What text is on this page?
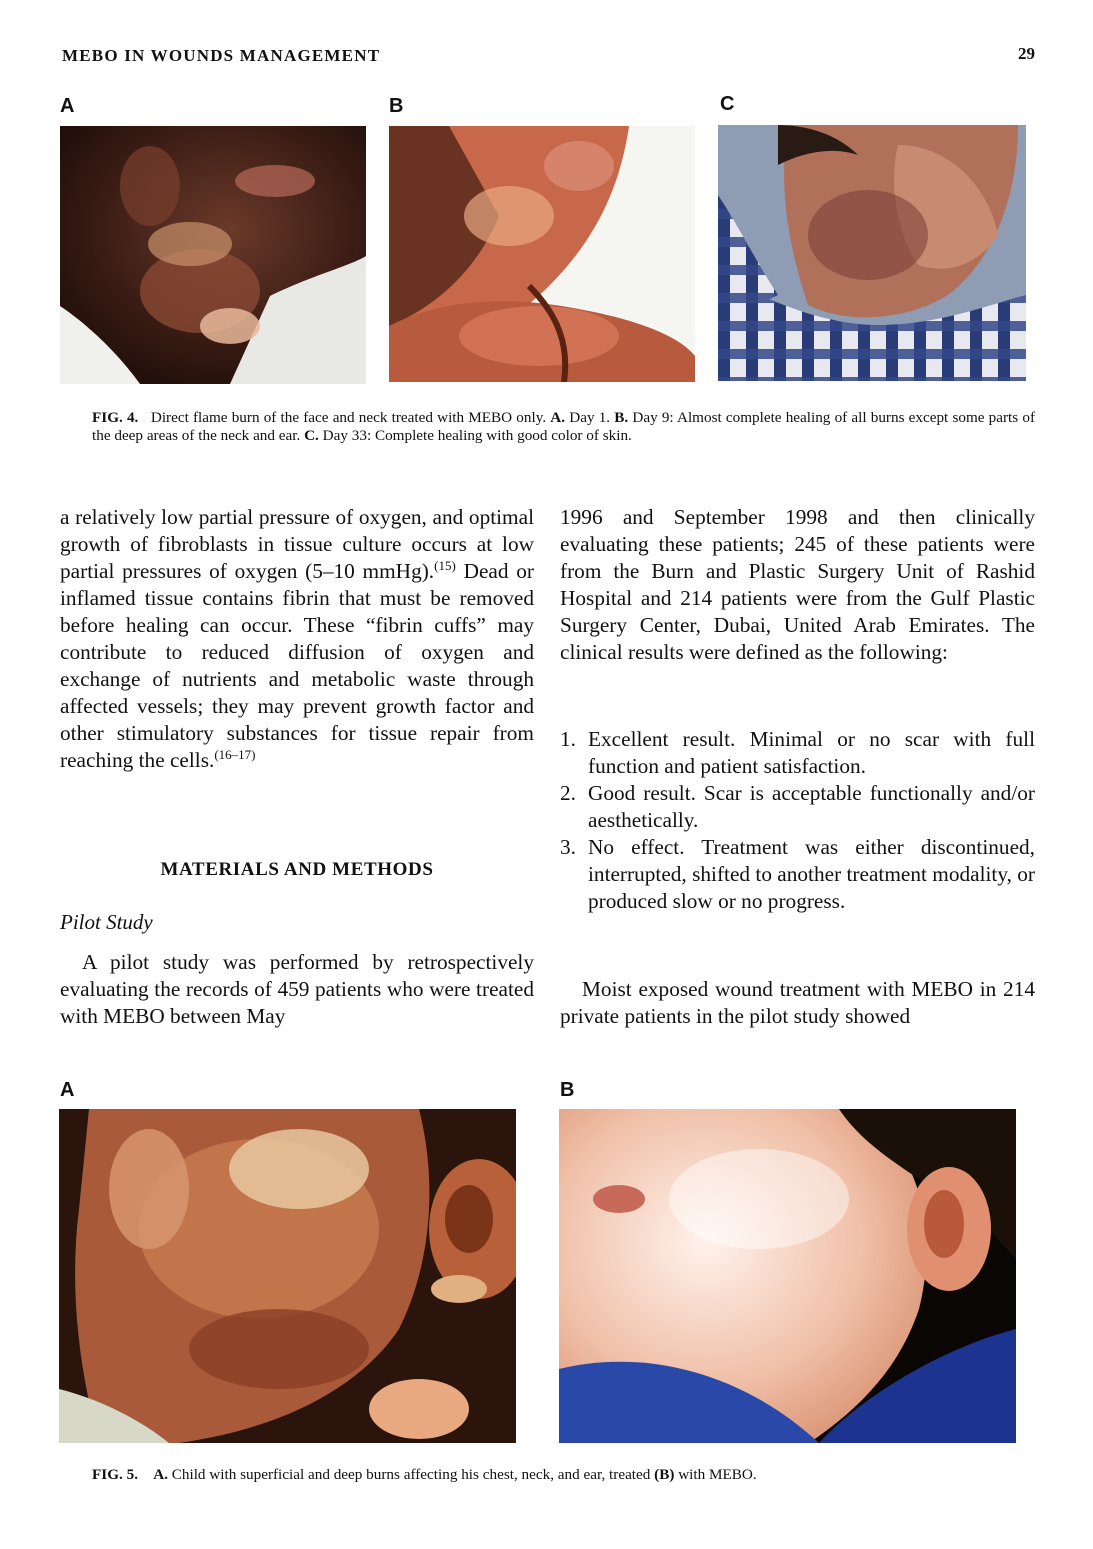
MEBO IN WOUNDS MANAGEMENT	29
A	B	C
FIG. 4. Direct flame burn of the face and neck treated with MEBO only. A. Day 1. B. Day 9: Almost complete healing of all burns except some parts of the deep areas of the neck and ear. C. Day 33: Complete healing with good color of skin.

a relatively low partial pressure of oxygen, and optimal growth of fibroblasts in tissue culture occurs at low partial pressures of oxygen (5–10 mmHg).$^{(15)}$ Dead or inflamed tissue contains fibrin that must be removed before healing can occur. These “fibrin cuffs” may contribute to reduced diffusion of oxygen and exchange of nutrients and metabolic waste through affected vessels; they may prevent growth factor and other stimulatory substances for tissue repair from reaching the cells.$^{(16-17)}$

MATERIALS AND METHODS
Pilot Study

A pilot study was performed by retrospectively evaluating the records of 459 patients who were treated with MEBO between May

1996 and September 1998 and then clinically evaluating these patients; 245 of these patients were from the Burn and Plastic Surgery Unit of Rashid Hospital and 214 patients were from the Gulf Plastic Surgery Center, Dubai, United Arab Emirates. The clinical results were defined as the following:

1. Excellent result. Minimal or no scar with full function and patient satisfaction.
2. Good result. Scar is acceptable functionally and/or aesthetically.
3. No effect. Treatment was either discontinued, interrupted, shifted to another treatment modality, or produced slow or no progress.

Moist exposed wound treatment with MEBO in 214 private patients in the pilot study showed

A	B
FIG. 5. A. Child with superficial and deep burns affecting his chest, neck, and ear, treated (B) with MEBO.
